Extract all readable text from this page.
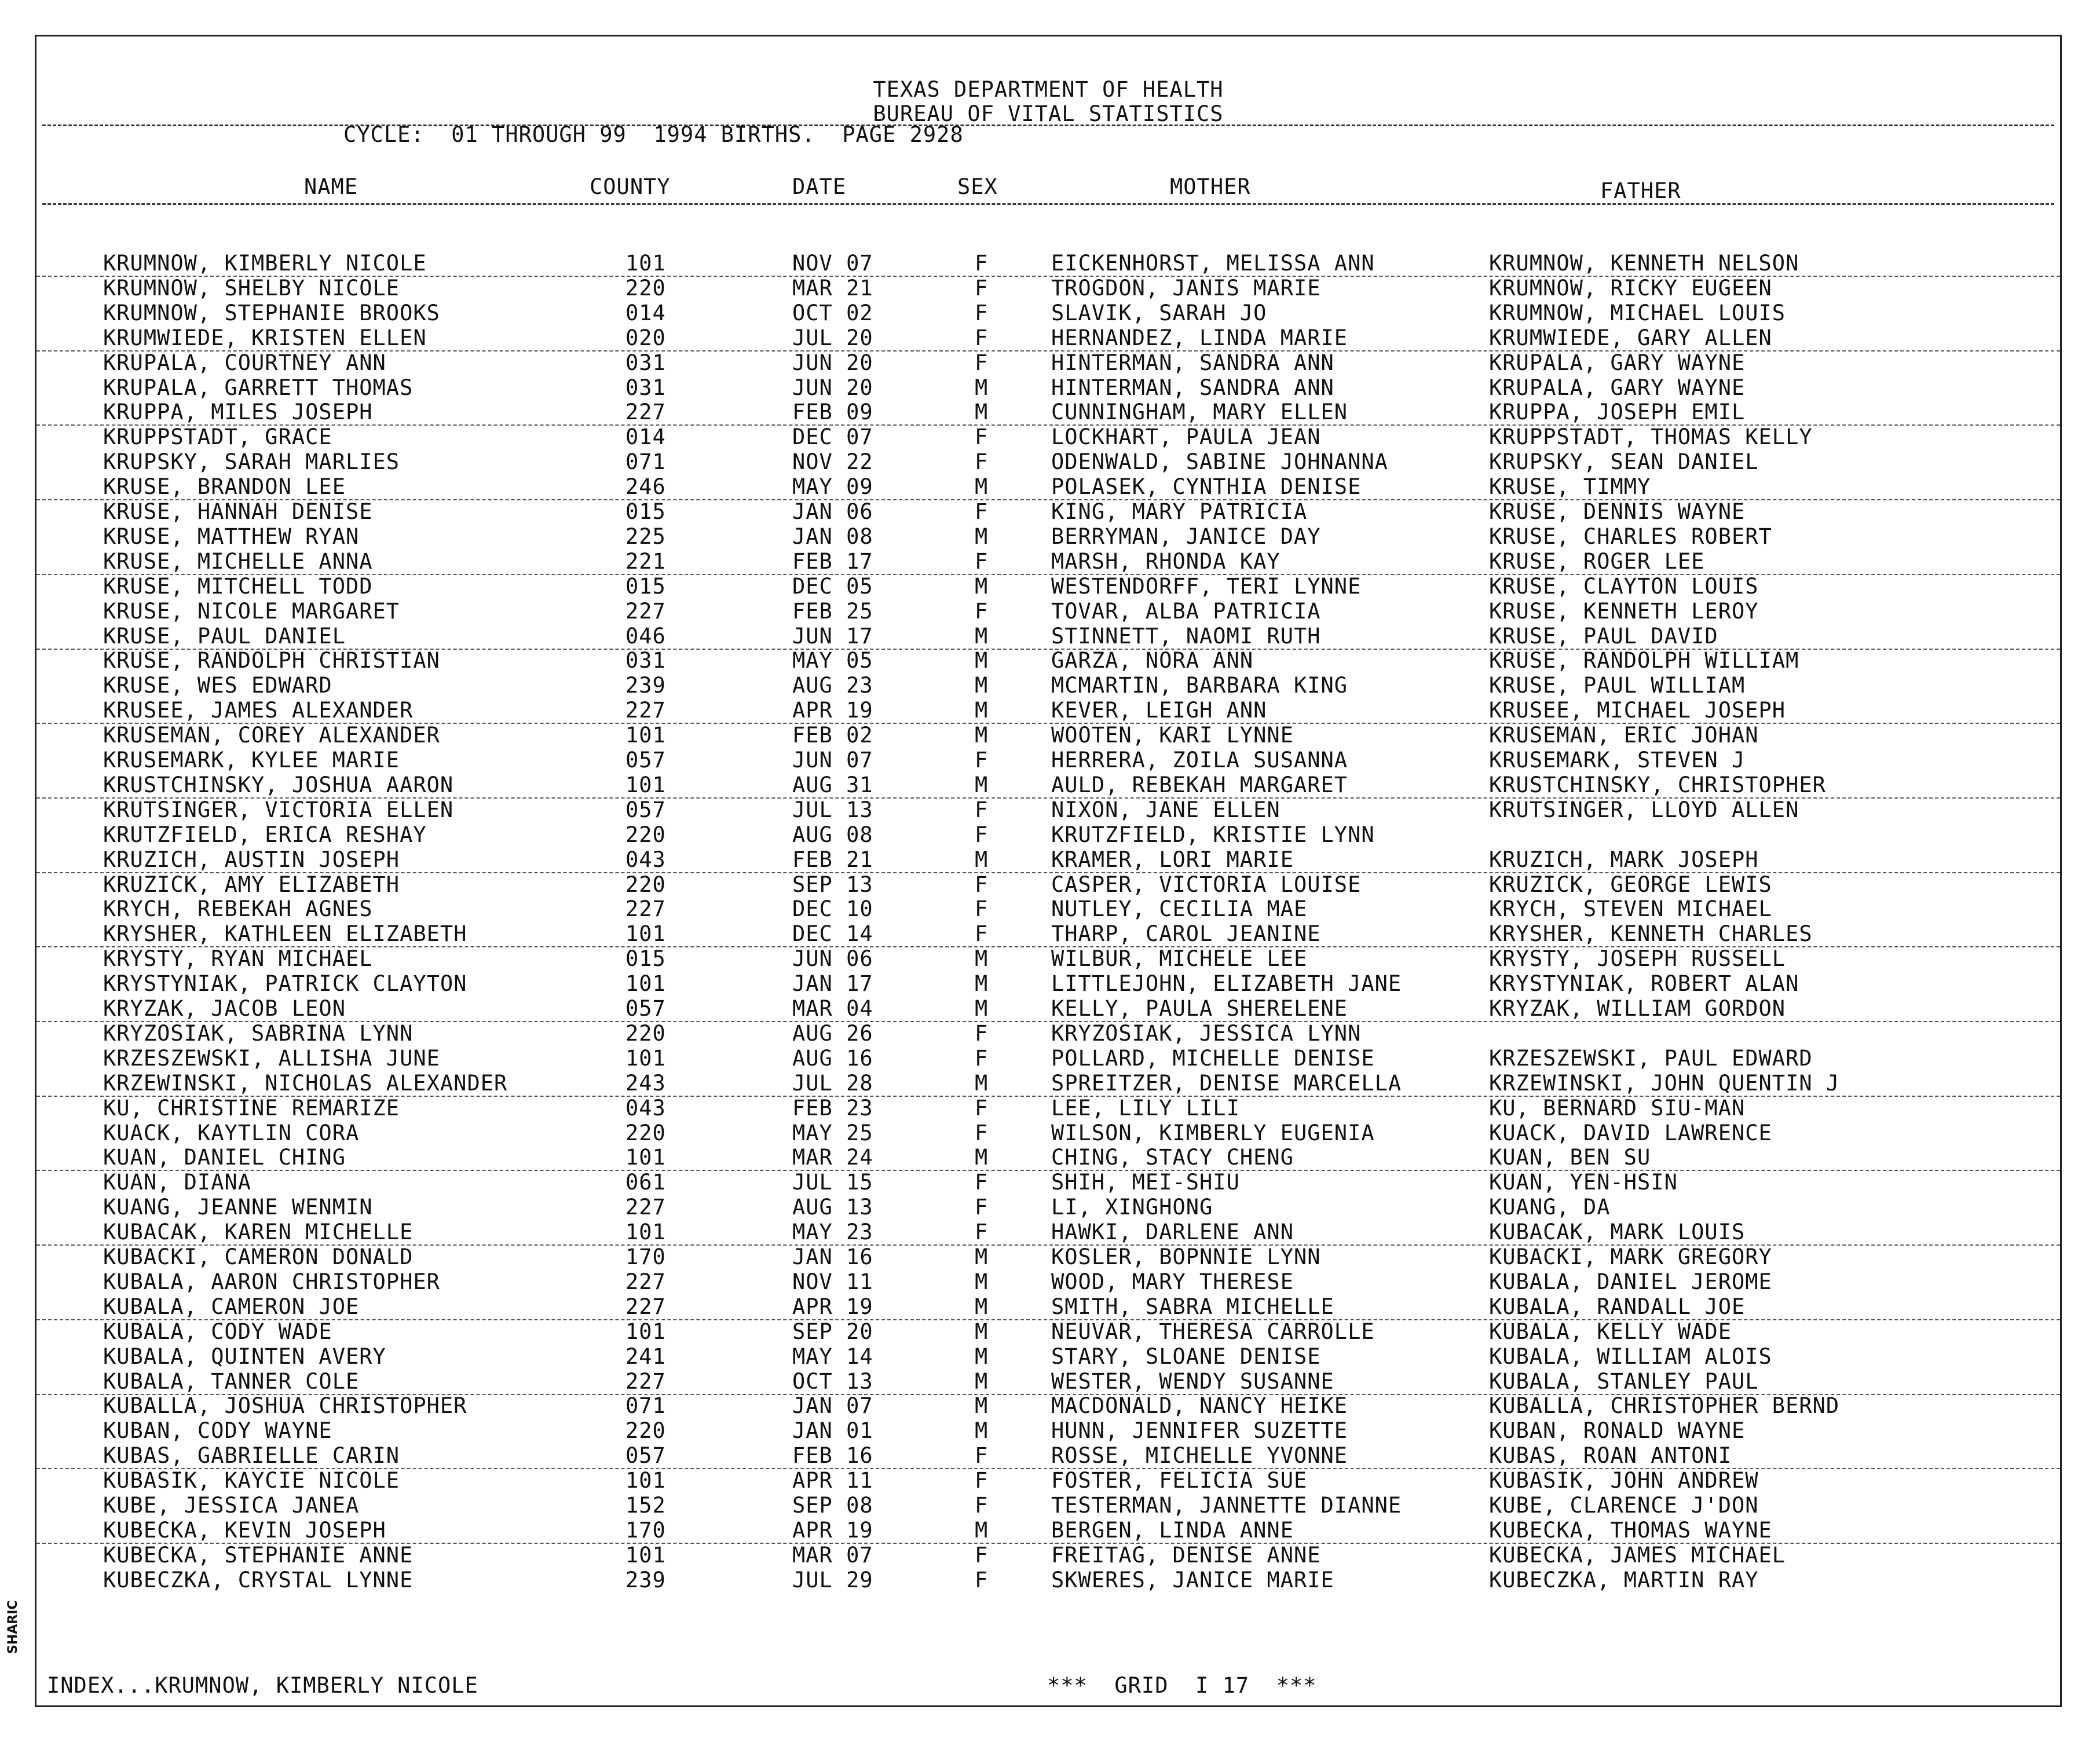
TEXAS DEPARTMENT OF HEALTH
BUREAU OF VITAL STATISTICS
CYCLE: 01 THROUGH 99 1994 BIRTHS. PAGE 2928
NAME	COUNTY	DATE	SEX	MOTHER	FATHER
KRUMNOW, KIMBERLY NICOLE	101	NOV 07	F	EICKENHORST, MELISSA ANN	KRUMNOW, KENNETH NELSON
KRUMNOW, SHELBY NICOLE	220	MAR 21	F	TROGDON, JANIS MARIE	KRUMNOW, RICKY EUGEEN
KRUMNOW, STEPHANIE BROOKS	014	OCT 02	F	SLAVIK, SARAH JO	KRUMNOW, MICHAEL LOUIS
KRUMWIEDE, KRISTEN ELLEN	020	JUL 20	F	HERNANDEZ, LINDA MARIE	KRUMWIEDE, GARY ALLEN
KRUPALA, COURTNEY ANN	031	JUN 20	F	HINTERMAN, SANDRA ANN	KRUPALA, GARY WAYNE
KRUPALA, GARRETT THOMAS	031	JUN 20	M	HINTERMAN, SANDRA ANN	KRUPALA, GARY WAYNE
KRUPPA, MILES JOSEPH	227	FEB 09	M	CUNNINGHAM, MARY ELLEN	KRUPPA, JOSEPH EMIL
KRUPPSTADT, GRACE	014	DEC 07	F	LOCKHART, PAULA JEAN	KRUPPSTADT, THOMAS KELLY
KRUPSKY, SARAH MARLIES	071	NOV 22	F	ODENWALD, SABINE JOHNANNA	KRUPSKY, SEAN DANIEL
KRUSE, BRANDON LEE	246	MAY 09	M	POLASEK, CYNTHIA DENISE	KRUSE, TIMMY
KRUSE, HANNAH DENISE	015	JAN 06	F	KING, MARY PATRICIA	KRUSE, DENNIS WAYNE
KRUSE, MATTHEW RYAN	225	JAN 08	M	BERRYMAN, JANICE DAY	KRUSE, CHARLES ROBERT
KRUSE, MICHELLE ANNA	221	FEB 17	F	MARSH, RHONDA KAY	KRUSE, ROGER LEE
KRUSE, MITCHELL TODD	015	DEC 05	M	WESTENDORFF, TERI LYNNE	KRUSE, CLAYTON LOUIS
KRUSE, NICOLE MARGARET	227	FEB 25	F	TOVAR, ALBA PATRICIA	KRUSE, KENNETH LEROY
KRUSE, PAUL DANIEL	046	JUN 17	M	STINNETT, NAOMI RUTH	KRUSE, PAUL DAVID
KRUSE, RANDOLPH CHRISTIAN	031	MAY 05	M	GARZA, NORA ANN	KRUSE, RANDOLPH WILLIAM
KRUSE, WES EDWARD	239	AUG 23	M	MCMARTIN, BARBARA KING	KRUSE, PAUL WILLIAM
KRUSEE, JAMES ALEXANDER	227	APR 19	M	KEVER, LEIGH ANN	KRUSEE, MICHAEL JOSEPH
KRUSEMAN, COREY ALEXANDER	101	FEB 02	M	WOOTEN, KARI LYNNE	KRUSEMAN, ERIC JOHAN
KRUSEMARK, KYLEE MARIE	057	JUN 07	F	HERRERA, ZOILA SUSANNA	KRUSEMARK, STEVEN J
KRUSTCHINSKY, JOSHUA AARON	101	AUG 31	M	AULD, REBEKAH MARGARET	KRUSTCHINSKY, CHRISTOPHER
KRUTSINGER, VICTORIA ELLEN	057	JUL 13	F	NIXON, JANE ELLEN	KRUTSINGER, LLOYD ALLEN
KRUTZFIELD, ERICA RESHAY	220	AUG 08	F	KRUTZFIELD, KRISTIE LYNN
KRUZICH, AUSTIN JOSEPH	043	FEB 21	M	KRAMER, LORI MARIE	KRUZICH, MARK JOSEPH
KRUZICK, AMY ELIZABETH	220	SEP 13	F	CASPER, VICTORIA LOUISE	KRUZICK, GEORGE LEWIS
KRYCH, REBEKAH AGNES	227	DEC 10	F	NUTLEY, CECILIA MAE	KRYCH, STEVEN MICHAEL
KRYSHER, KATHLEEN ELIZABETH	101	DEC 14	F	THARP, CAROL JEANINE	KRYSHER, KENNETH CHARLES
KRYSTY, RYAN MICHAEL	015	JUN 06	M	WILBUR, MICHELE LEE	KRYSTY, JOSEPH RUSSELL
KRYSTYNIAK, PATRICK CLAYTON	101	JAN 17	M	LITTLEJOHN, ELIZABETH JANE	KRYSTYNIAK, ROBERT ALAN
KRYZAK, JACOB LEON	057	MAR 04	M	KELLY, PAULA SHERELENE	KRYZAK, WILLIAM GORDON
KRYZOSIAK, SABRINA LYNN	220	AUG 26	F	KRYZOSIAK, JESSICA LYNN
KRZESZEWSKI, ALLISHA JUNE	101	AUG 16	F	POLLARD, MICHELLE DENISE	KRZESZEWSKI, PAUL EDWARD
KRZEWINSKI, NICHOLAS ALEXANDER	243	JUL 28	M	SPREITZER, DENISE MARCELLA	KRZEWINSKI, JOHN QUENTIN J
KU, CHRISTINE REMARIZE	043	FEB 23	F	LEE, LILY LILI	KU, BERNARD SIU-MAN
KUACK, KAYTLIN CORA	220	MAY 25	F	WILSON, KIMBERLY EUGENIA	KUACK, DAVID LAWRENCE
KUAN, DANIEL CHING	101	MAR 24	M	CHING, STACY CHENG	KUAN, BEN SU
KUAN, DIANA	061	JUL 15	F	SHIH, MEI-SHIU	KUAN, YEN-HSIN
KUANG, JEANNE WENMIN	227	AUG 13	F	LI, XINGHONG	KUANG, DA
KUBACAK, KAREN MICHELLE	101	MAY 23	F	HAWKI, DARLENE ANN	KUBACAK, MARK LOUIS
KUBACKI, CAMERON DONALD	170	JAN 16	M	KOSLER, BOPNNIE LYNN	KUBACKI, MARK GREGORY
KUBALA, AARON CHRISTOPHER	227	NOV 11	M	WOOD, MARY THERESE	KUBALA, DANIEL JEROME
KUBALA, CAMERON JOE	227	APR 19	M	SMITH, SABRA MICHELLE	KUBALA, RANDALL JOE
KUBALA, CODY WADE	101	SEP 20	M	NEUVAR, THERESA CARROLLE	KUBALA, KELLY WADE
KUBALA, QUINTEN AVERY	241	MAY 14	M	STARY, SLOANE DENISE	KUBALA, WILLIAM ALOIS
KUBALA, TANNER COLE	227	OCT 13	M	WESTER, WENDY SUSANNE	KUBALA, STANLEY PAUL
KUBALLA, JOSHUA CHRISTOPHER	071	JAN 07	M	MACDONALD, NANCY HEIKE	KUBALLA, CHRISTOPHER BERND
KUBAN, CODY WAYNE	220	JAN 01	M	HUNN, JENNIFER SUZETTE	KUBAN, RONALD WAYNE
KUBAS, GABRIELLE CARIN	057	FEB 16	F	ROSSE, MICHELLE YVONNE	KUBAS, ROAN ANTONI
KUBASIK, KAYCIE NICOLE	101	APR 11	F	FOSTER, FELICIA SUE	KUBASIK, JOHN ANDREW
KUBE, JESSICA JANEA	152	SEP 08	F	TESTERMAN, JANNETTE DIANNE	KUBE, CLARENCE J'DON
KUBECKA, KEVIN JOSEPH	170	APR 19	M	BERGEN, LINDA ANNE	KUBECKA, THOMAS WAYNE
KUBECKA, STEPHANIE ANNE	101	MAR 07	F	FREITAG, DENISE ANNE	KUBECKA, JAMES MICHAEL
KUBECZKA, CRYSTAL LYNNE	239	JUL 29	F	SKWERES, JANICE MARIE	KUBECZKA, MARTIN RAY
INDEX...KRUMNOW, KIMBERLY NICOLE	***  GRID  I 17  ***
SHARIC
